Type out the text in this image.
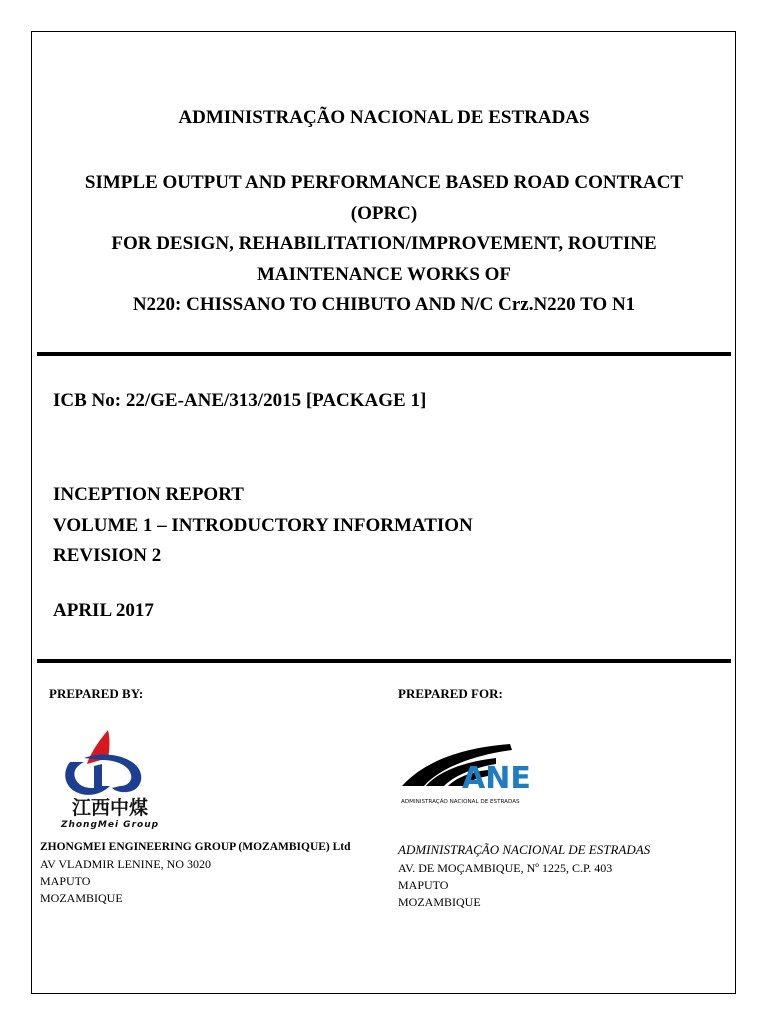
ADMINISTRAÇÃO NACIONAL DE ESTRADAS
SIMPLE OUTPUT AND PERFORMANCE BASED ROAD CONTRACT
(OPRC)
FOR DESIGN, REHABILITATION/IMPROVEMENT, ROUTINE
MAINTENANCE WORKS OF
N220: CHISSANO TO CHIBUTO AND N/C Crz.N220 TO N1
ICB No: 22/GE-ANE/313/2015 [PACKAGE 1]
INCEPTION REPORT
VOLUME 1 – INTRODUCTORY INFORMATION
REVISION 2
APRIL 2017
PREPARED BY:	PREPARED FOR:
江西中煤
ZhongMei Group
ANE
ADMINISTRAÇÃO NACIONAL DE ESTRADAS
ZHONGMEI ENGINEERING GROUP (MOZAMBIQUE) Ltd
AV VLADMIR LENINE, NO 3020
MAPUTO
MOZAMBIQUE
ADMINISTRAÇÃO NACIONAL DE ESTRADAS
AV. DE MOÇAMBIQUE, Nº 1225, C.P. 403
MAPUTO
MOZAMBIQUE
